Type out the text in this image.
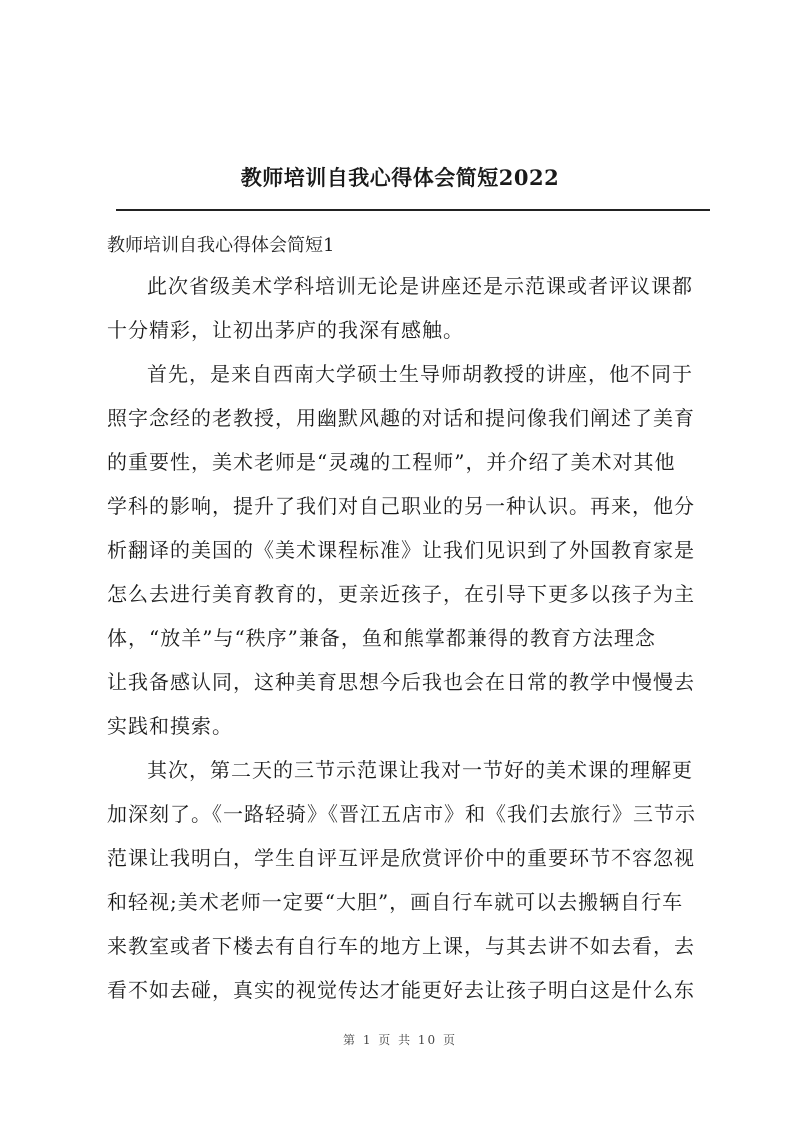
教师培训自我心得体会简短2022
教师培训自我心得体会简短1
此次省级美术学科培训无论是讲座还是示范课或者评议课都
十分精彩，让初出茅庐的我深有感触。
首先，是来自西南大学硕士生导师胡教授的讲座，他不同于
照字念经的老教授，用幽默风趣的对话和提问像我们阐述了美育
的重要性，美术老师是“灵魂的工程师”，并介绍了美术对其他
学科的影响，提升了我们对自己职业的另一种认识。再来，他分
析翻译的美国的《美术课程标准》让我们见识到了外国教育家是
怎么去进行美育教育的，更亲近孩子，在引导下更多以孩子为主
体，“放羊”与“秩序”兼备，鱼和熊掌都兼得的教育方法理念
让我备感认同，这种美育思想今后我也会在日常的教学中慢慢去
实践和摸索。
其次，第二天的三节示范课让我对一节好的美术课的理解更
加深刻了。《一路轻骑》《晋江五店市》和《我们去旅行》三节示
范课让我明白，学生自评互评是欣赏评价中的重要环节不容忽视
和轻视;美术老师一定要“大胆”，画自行车就可以去搬辆自行车
来教室或者下楼去有自行车的地方上课，与其去讲不如去看，去
看不如去碰，真实的视觉传达才能更好去让孩子明白这是什么东
第 1 页 共 10 页
